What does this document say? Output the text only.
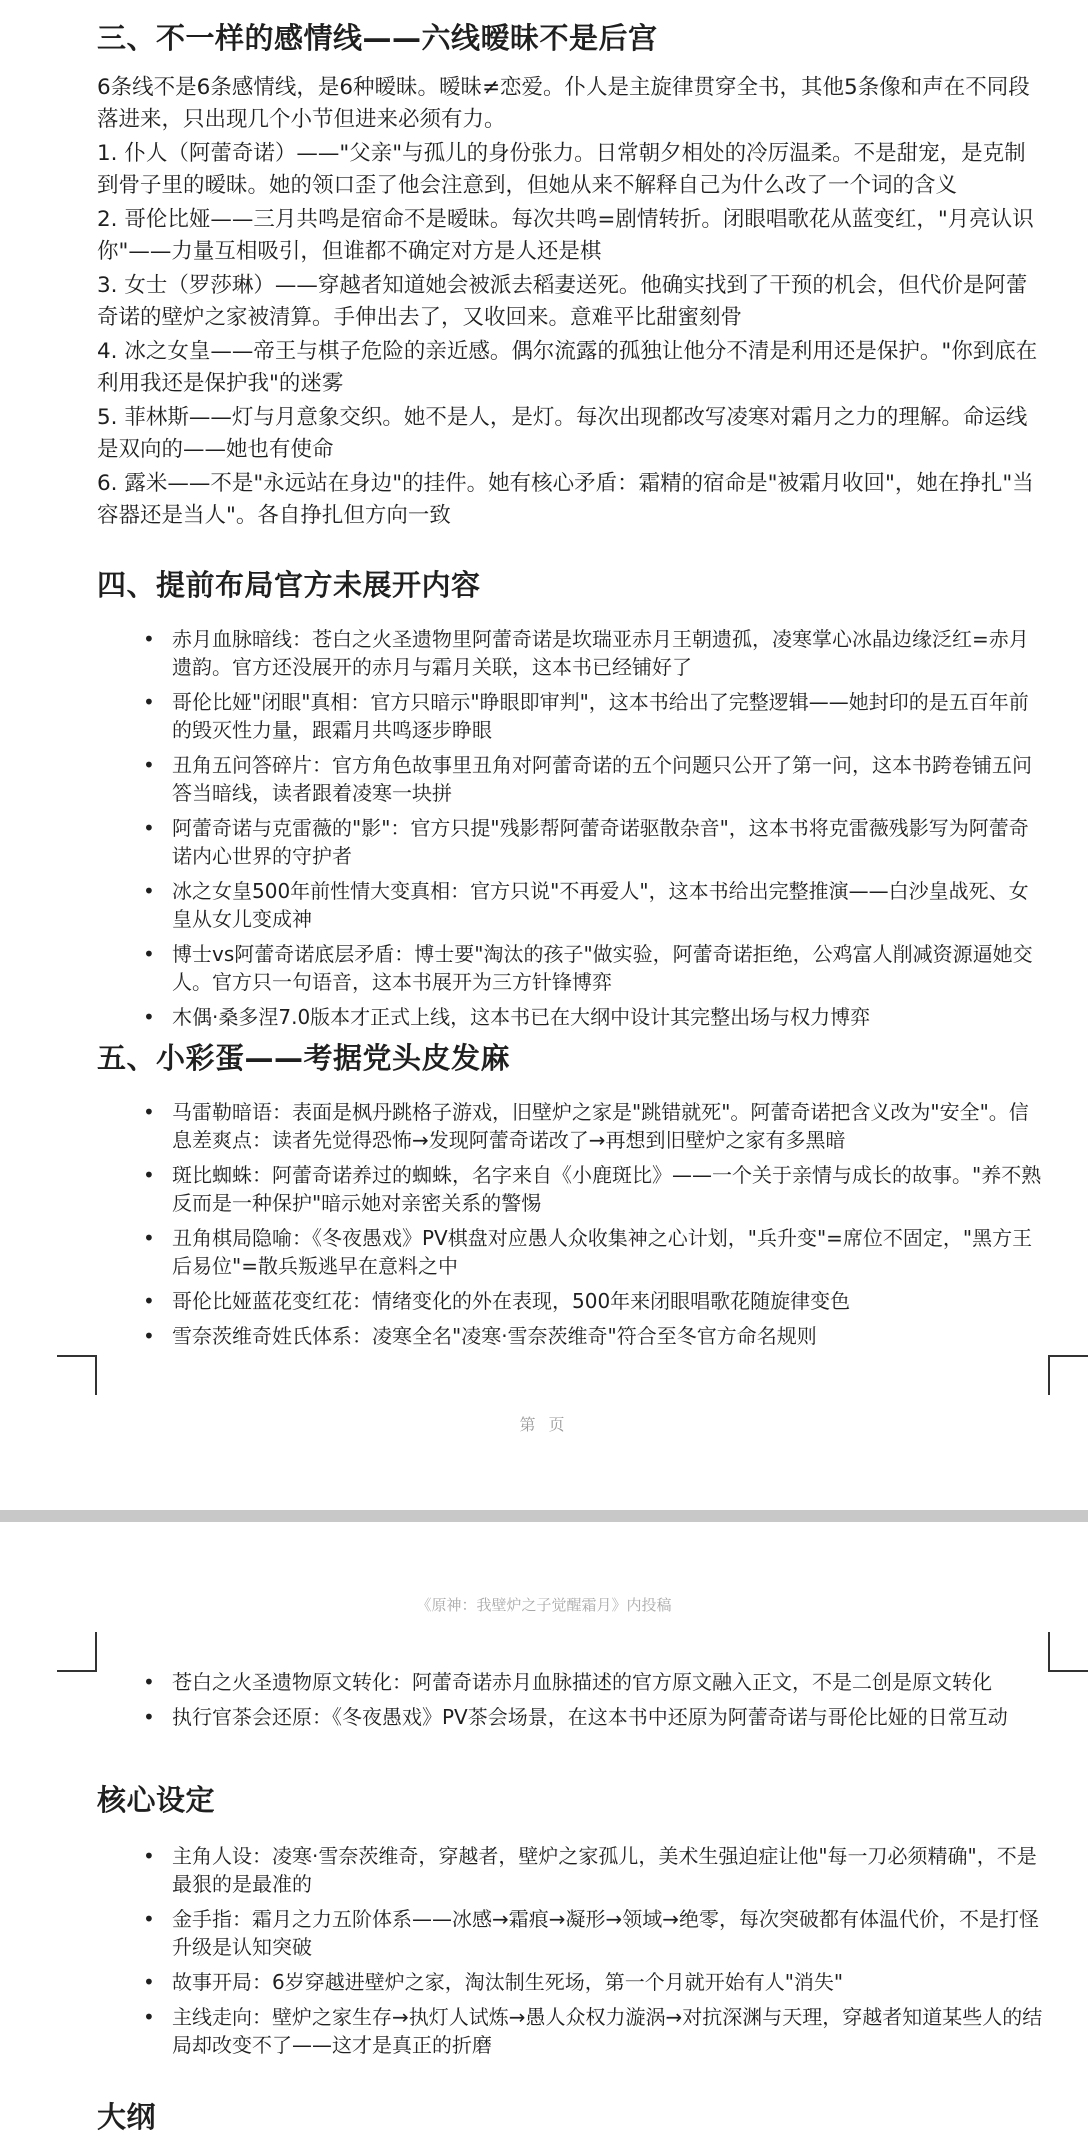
三、不一样的感情线——六线暧昧不是后宫

6条线不是6条感情线，是6种暧昧。暧昧≠恋爱。仆人是主旋律贯穿全书，其他5条像和声在不同段落进来，只出现几个小节但进来必须有力。

1. 仆人（阿蕾奇诺）——"父亲"与孤儿的身份张力。日常朝夕相处的冷厉温柔。不是甜宠，是克制到骨子里的暧昧。她的领口歪了他会注意到，但她从来不解释自己为什么改了一个词的含义

2. 哥伦比娅——三月共鸣是宿命不是暧昧。每次共鸣=剧情转折。闭眼唱歌花从蓝变红，"月亮认识你"——力量互相吸引，但谁都不确定对方是人还是棋

3. 女士（罗莎琳）——穿越者知道她会被派去稻妻送死。他确实找到了干预的机会，但代价是阿蕾奇诺的壁炉之家被清算。手伸出去了，又收回来。意难平比甜蜜刻骨

4. 冰之女皇——帝王与棋子危险的亲近感。偶尔流露的孤独让他分不清是利用还是保护。"你到底在利用我还是保护我"的迷雾

5. 菲林斯——灯与月意象交织。她不是人，是灯。每次出现都改写凌寒对霜月之力的理解。命运线是双向的——她也有使命

6. 露米——不是"永远站在身边"的挂件。她有核心矛盾：霜精的宿命是"被霜月收回"，她在挣扎"当容器还是当人"。各自挣扎但方向一致

四、提前布局官方未展开内容
• 赤月血脉暗线：苍白之火圣遗物里阿蕾奇诺是坎瑞亚赤月王朝遗孤，凌寒掌心冰晶边缘泛红=赤月遗韵。官方还没展开的赤月与霜月关联，这本书已经铺好了
• 哥伦比娅"闭眼"真相：官方只暗示"睁眼即审判"，这本书给出了完整逻辑——她封印的是五百年前的毁灭性力量，跟霜月共鸣逐步睁眼
• 丑角五问答碎片：官方角色故事里丑角对阿蕾奇诺的五个问题只公开了第一问，这本书跨卷铺五问答当暗线，读者跟着凌寒一块拼
• 阿蕾奇诺与克雷薇的"影"：官方只提"残影帮阿蕾奇诺驱散杂音"，这本书将克雷薇残影写为阿蕾奇诺内心世界的守护者
• 冰之女皇500年前性情大变真相：官方只说"不再爱人"，这本书给出完整推演——白沙皇战死、女皇从女儿变成神
• 博士vs阿蕾奇诺底层矛盾：博士要"淘汰的孩子"做实验，阿蕾奇诺拒绝，公鸡富人削减资源逼她交人。官方只一句语音，这本书展开为三方针锋博弈
• 木偶·桑多涅7.0版本才正式上线，这本书已在大纲中设计其完整出场与权力博弈
五、小彩蛋——考据党头皮发麻
• 马雷勒暗语：表面是枫丹跳格子游戏，旧壁炉之家是"跳错就死"。阿蕾奇诺把含义改为"安全"。信息差爽点：读者先觉得恐怖→发现阿蕾奇诺改了→再想到旧壁炉之家有多黑暗
• 斑比蜘蛛：阿蕾奇诺养过的蜘蛛，名字来自《小鹿斑比》——一个关于亲情与成长的故事。"养不熟反而是一种保护"暗示她对亲密关系的警惕
• 丑角棋局隐喻：《冬夜愚戏》PV棋盘对应愚人众收集神之心计划，"兵升变"=席位不固定，"黑方王后易位"=散兵叛逃早在意料之中
• 哥伦比娅蓝花变红花：情绪变化的外在表现，500年来闭眼唱歌花随旋律变色
• 雪奈茨维奇姓氏体系：凌寒全名"凌寒·雪奈茨维奇"符合至冬官方命名规则
第 页
《原神：我壁炉之子觉醒霜月》内投稿
• 苍白之火圣遗物原文转化：阿蕾奇诺赤月血脉描述的官方原文融入正文，不是二创是原文转化
• 执行官茶会还原：《冬夜愚戏》PV茶会场景，在这本书中还原为阿蕾奇诺与哥伦比娅的日常互动
核心设定
• 主角人设：凌寒·雪奈茨维奇，穿越者，壁炉之家孤儿，美术生强迫症让他"每一刀必须精确"，不是最狠的是最准的
• 金手指：霜月之力五阶体系——冰感→霜痕→凝形→领域→绝零，每次突破都有体温代价，不是打怪升级是认知突破
• 故事开局：6岁穿越进壁炉之家，淘汰制生死场，第一个月就开始有人"消失"
• 主线走向：壁炉之家生存→执灯人试炼→愚人众权力漩涡→对抗深渊与天理，穿越者知道某些人的结局却改变不了——这才是真正的折磨
大纲
